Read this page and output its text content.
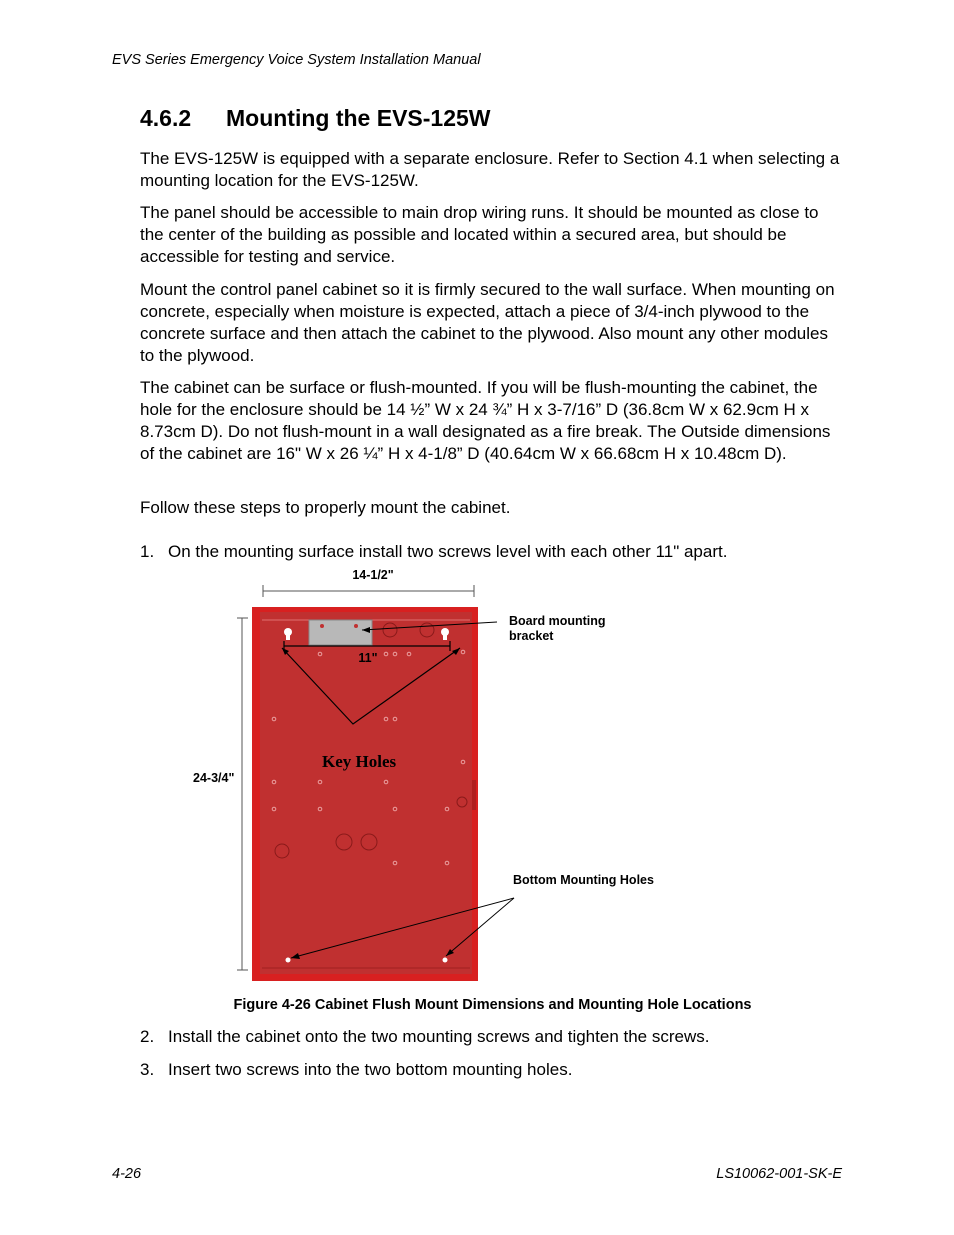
EVS Series Emergency Voice System Installation Manual
4.6.2 Mounting the EVS-125W
The EVS-125W is equipped with a separate enclosure. Refer to Section 4.1 when selecting a mounting location for the EVS-125W.
The panel should be accessible to main drop wiring runs. It should be mounted as close to the center of the building as possible and located within a secured area, but should be accessible for testing and service.
Mount the control panel cabinet so it is firmly secured to the wall surface. When mounting on concrete, especially when moisture is expected, attach a piece of 3/4-inch plywood to the concrete surface and then attach the cabinet to the plywood. Also mount any other modules to the plywood.
The cabinet can be surface or flush-mounted. If you will be flush-mounting the cabinet, the hole for the enclosure should be 14 ½” W x 24 ¾” H x 3-7/16” D (36.8cm W x 62.9cm H x 8.73cm D). Do not flush-mount in a wall designated as a fire break. The Outside dimensions of the cabinet are 16" W x 26 ¼” H x 4-1/8” D (40.64cm W x 66.68cm H x 10.48cm D).
Follow these steps to properly mount the cabinet.
1. On the mounting surface install two screws level with each other 11" apart.
14-1/2"
24-3/4"
11"
Key Holes
Board mounting
bracket
Bottom Mounting Holes
Figure 4-26 Cabinet Flush Mount Dimensions and Mounting Hole Locations
2. Install the cabinet onto the two mounting screws and tighten the screws.
3. Insert two screws into the two bottom mounting holes.
4-26	LS10062-001-SK-E
